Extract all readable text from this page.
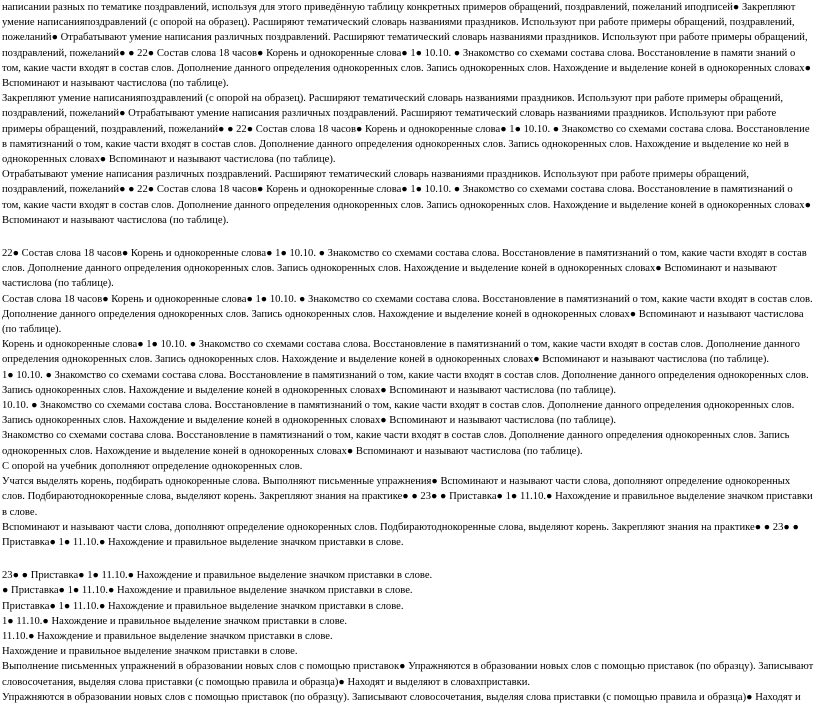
написании разных по тематике поздравлений, используя для этого приведённую таблицу конкретных примеров обращений, поздравлений, пожеланий иподписей● Закрепляют умение написанияпоздравлений (с опорой на образец). Расширяют тематический словарь названиями праздников. Используют при работе примеры обращений, поздравлений, пожеланий● Отрабатывают умение написания различных поздравлений. Расширяют тематический словарь названиями праздников. Используют при работе примеры обращений,

поздравлений, пожеланий● ● 22● Состав слова 18 часов● Корень и однокоренные слова● 1● 10.10. ● Знакомство со схемами состава слова. Восстановление в памяти знаний о том, какие части входят в состав слов. Дополнение данного определения однокоренных слов. Запись однокоренных слов. Нахождение и выделение коней в однокоренных словах● Вспоминают и называют частислова (по таблице).

Закрепляют умение написанияпоздравлений (с опорой на образец). Расширяют тематический словарь названиями праздников. Используют при работе примеры обращений, поздравлений, пожеланий● Отрабатывают умение написания различных поздравлений. Расширяют тематический словарь названиями праздников. Используют при работе примеры обращений, поздравлений, пожеланий● ● 22● Состав слова 18 часов● Корень и однокоренные слова● 1● 10.10. ● Знакомство со схемами состава слова. Восстановление в памятизнаний о том, какие части входят в состав слов. Дополнение данного определения однокоренных слов. Запись однокоренных слов. Нахождение и выделение ко ней в однокоренных словах● Вспоминают и называют частислова (по таблице).

Отрабатывают умение написания различных поздравлений. Расширяют тематический словарь названиями праздников. Используют при работе примеры обращений, поздравлений, пожеланий● ● 22● Состав слова 18 часов● Корень и однокоренные слова● 1● 10.10. ● Знакомство со схемами состава слова. Восстановление в памятизнаний о том, какие части входят в состав слов. Дополнение данного определения однокоренных слов. Запись однокоренных слов. Нахождение и выделение коней в однокоренных словах● Вспоминают и называют частислова (по таблице).

22● Состав слова 18 часов● Корень и однокоренные слова● 1● 10.10. ● Знакомство со схемами состава слова. Восстановление в памятизнаний о том, какие части входят в состав слов. Дополнение данного определения однокоренных слов. Запись однокоренных слов. Нахождение и выделение коней в однокоренных словах● Вспоминают и называют частислова (по таблице).

Состав слова 18 часов● Корень и однокоренные слова● 1● 10.10. ● Знакомство со схемами состава слова. Восстановление в памятизнаний о том, какие части входят в состав слов. Дополнение данного определения однокоренных слов. Запись однокоренных слов. Нахождение и выделение коней в однокоренных словах● Вспоминают и называют частислова (по таблице).

Корень и однокоренные слова● 1● 10.10. ● Знакомство со схемами состава слова. Восстановление в памятизнаний о том, какие части входят в состав слов. Дополнение данного определения однокоренных слов. Запись однокоренных слов. Нахождение и выделение коней в однокоренных словах● Вспоминают и называют частислова (по таблице).

1● 10.10. ● Знакомство со схемами состава слова. Восстановление в памятизнаний о том, какие части входят в состав слов. Дополнение данного определения однокоренных слов. Запись однокоренных слов. Нахождение и выделение коней в однокоренных словах● Вспоминают и называют частислова (по таблице).

10.10. ● Знакомство со схемами состава слова. Восстановление в памятизнаний о том, какие части входят в состав слов. Дополнение данного определения однокоренных слов. Запись однокоренных слов. Нахождение и выделение коней в однокоренных словах● Вспоминают и называют частислова (по таблице).

Знакомство со схемами состава слова. Восстановление в памятизнаний о том, какие части входят в состав слов. Дополнение данного определения однокоренных слов. Запись однокоренных слов. Нахождение и выделение коней в однокоренных словах● Вспоминают и называют частислова (по таблице).

С опорой на учебник дополняют определение однокоренных слов.

Учатся выделять корень, подбирать однокоренные слова. Выполняют письменные упражнения● Вспоминают и называют части слова, дополняют определение однокоренных слов. Подбираютоднокоренные слова, выделяют корень. Закрепляют знания на практике● ● 23● ● Приставка● 1● 11.10.● Нахождение и правильное выделение значком приставки в слове.

Вспоминают и называют части слова, дополняют определение однокоренных слов. Подбираютоднокоренные слова, выделяют корень. Закрепляют знания на практике● ● 23● ● Приставка● 1● 11.10.● Нахождение и правильное выделение значком приставки в слове.

23● ● Приставка● 1● 11.10.● Нахождение и правильное выделение значком приставки в слове.

● Приставка● 1● 11.10.● Нахождение и правильное выделение значком приставки в слове.

Приставка● 1● 11.10.● Нахождение и правильное выделение значком приставки в слове.

1● 11.10.● Нахождение и правильное выделение значком приставки в слове.

11.10.● Нахождение и правильное выделение значком приставки в слове.

Нахождение и правильное выделение значком приставки в слове.

Выполнение письменных упражнений в образовании новых слов с помощью приставок● Упражняются в образовании новых слов с помощью приставок (по образцу). Записывают словосочетания, выделяя слова приставки (с помощью правила и образца)● Находят и выделяют в словахприставки.

Упражняются в образовании новых слов с помощью приставок (по образцу). Записывают словосочетания, выделяя слова приставки (с помощью правила и образца)● Находят и
